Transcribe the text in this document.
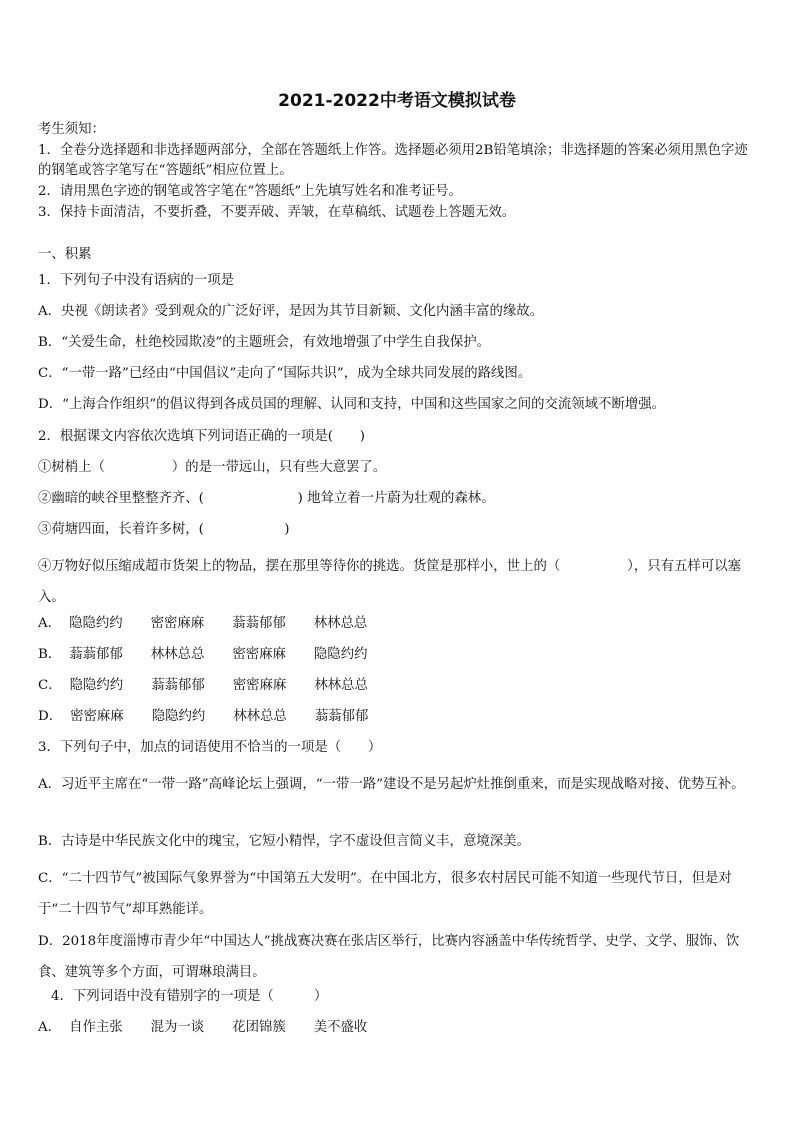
2021-2022中考语文模拟试卷
考生须知：
1．全卷分选择题和非选择题两部分，全部在答题纸上作答。选择题必须用2B铅笔填涂；非选择题的答案必须用黑色字迹的钢笔或答字笔写在“答题纸”相应位置上。
2．请用黑色字迹的钢笔或答字笔在“答题纸”上先填写姓名和准考证号。
3．保持卡面清洁，不要折叠，不要弄破、弄皱，在草稿纸、试题卷上答题无效。
一、积累
1．下列句子中没有语病的一项是
A．央视《朗读者》受到观众的广泛好评，是因为其节目新颖、文化内涵丰富的缘故。
B．“关爱生命，杜绝校园欺凌”的主题班会，有效地增强了中学生自我保护。
C．“一带一路”已经由“中国倡议”走向了“国际共识”，成为全球共同发展的路线图。
D．“上海合作组织”的倡议得到各成员国的理解、认同和支持，中国和这些国家之间的交流领域不断增强。
2．根据课文内容依次选填下列词语正确的一项是(　　)
①树梢上（　　　　　）的是一带远山，只有些大意罢了。
②幽暗的峡谷里整整齐齐、(　　　　　　　) 地耸立着一片蔚为壮观的森林。
③荷塘四面，长着许多树，(　　　　　　)
④万物好似压缩成超市货架上的物品，摆在那里等待你的挑选。货筐是那样小，世上的（　　　　　），只有五样可以塞入。
A． 隐隐约约 密密麻麻 蓊蓊郁郁 林林总总
B． 蓊蓊郁郁 林林总总 密密麻麻 隐隐约约
C． 隐隐约约 蓊蓊郁郁 密密麻麻 林林总总
D． 密密麻麻 隐隐约约 林林总总 蓊蓊郁郁
3．下列句子中，加点的词语使用不恰当的一项是（　　）
A．习近平主席在“一带一路”高峰论坛上强调，“一带一路”建设不是另起炉灶推倒重来，而是实现战略对接、优势互补。
B．古诗是中华民族文化中的瑰宝，它短小精悍，字不虚设但言简义丰，意境深美。
C．“二十四节气”被国际气象界誉为“中国第五大发明”。在中国北方，很多农村居民可能不知道一些现代节日，但是对于“二十四节气”却耳熟能详。
D．2018年度淄博市青少年“中国达人”挑战赛决赛在张店区举行，比赛内容涵盖中华传统哲学、史学、文学、服饰、饮食、建筑等多个方面，可谓琳琅满目。
4．下列词语中没有错别字的一项是（　　　）
A． 自作主张 混为一谈 花团锦簇 美不盛收
